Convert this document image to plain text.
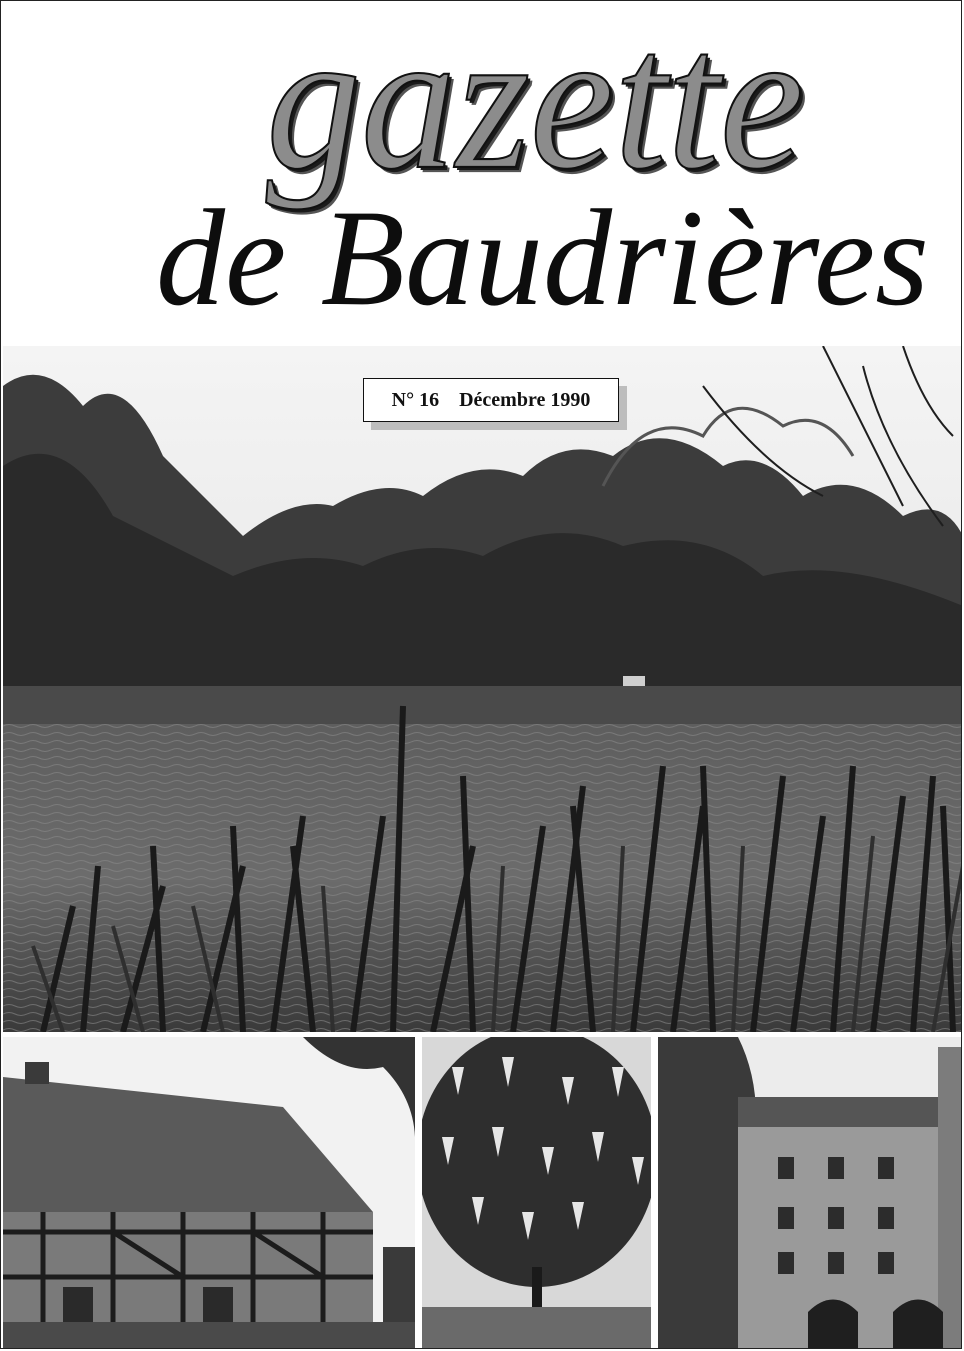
gazette
de Baudrières
N° 16 Décembre 1990
